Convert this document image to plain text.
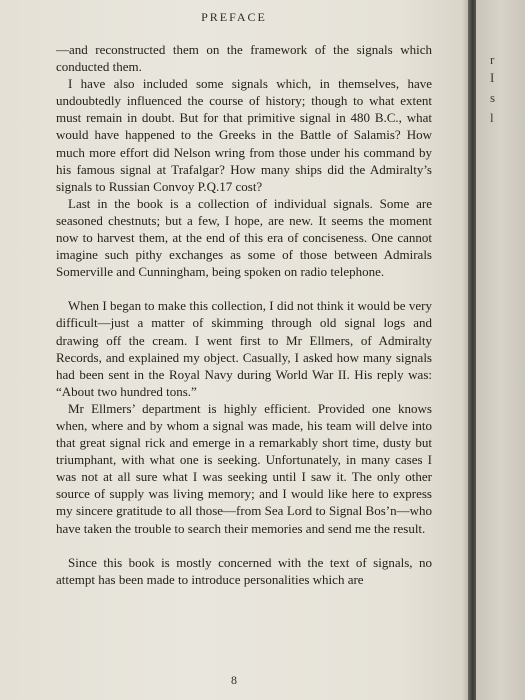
PREFACE

—and reconstructed them on the framework of the signals which conducted them.

I have also included some signals which, in themselves, have undoubtedly influenced the course of history; though to what extent must remain in doubt. But for that primitive signal in 480 B.C., what would have happened to the Greeks in the Battle of Salamis? How much more effort did Nelson wring from those under his command by his famous signal at Trafalgar? How many ships did the Admiralty’s signals to Russian Convoy P.Q.17 cost?

Last in the book is a collection of individual signals. Some are seasoned chestnuts; but a few, I hope, are new. It seems the moment now to harvest them, at the end of this era of conciseness. One cannot imagine such pithy exchanges as some of those between Admirals Somerville and Cunningham, being spoken on radio telephone.

When I began to make this collection, I did not think it would be very difficult—just a matter of skimming through old signal logs and drawing off the cream. I went first to Mr Ellmers, of Admiralty Records, and explained my object. Casually, I asked how many signals had been sent in the Royal Navy during World War II. His reply was: “About two hundred tons.”

Mr Ellmers’ department is highly efficient. Provided one knows when, where and by whom a signal was made, his team will delve into that great signal rick and emerge in a remarkably short time, dusty but triumphant, with what one is seeking. Unfortunately, in many cases I was not at all sure what I was seeking until I saw it. The only other source of supply was living memory; and I would like here to express my sincere gratitude to all those—from Sea Lord to Signal Bos’n—who have taken the trouble to search their memories and send me the result.

Since this book is mostly concerned with the text of signals, no attempt has been made to introduce personalities which are

8
r
I
s
l
